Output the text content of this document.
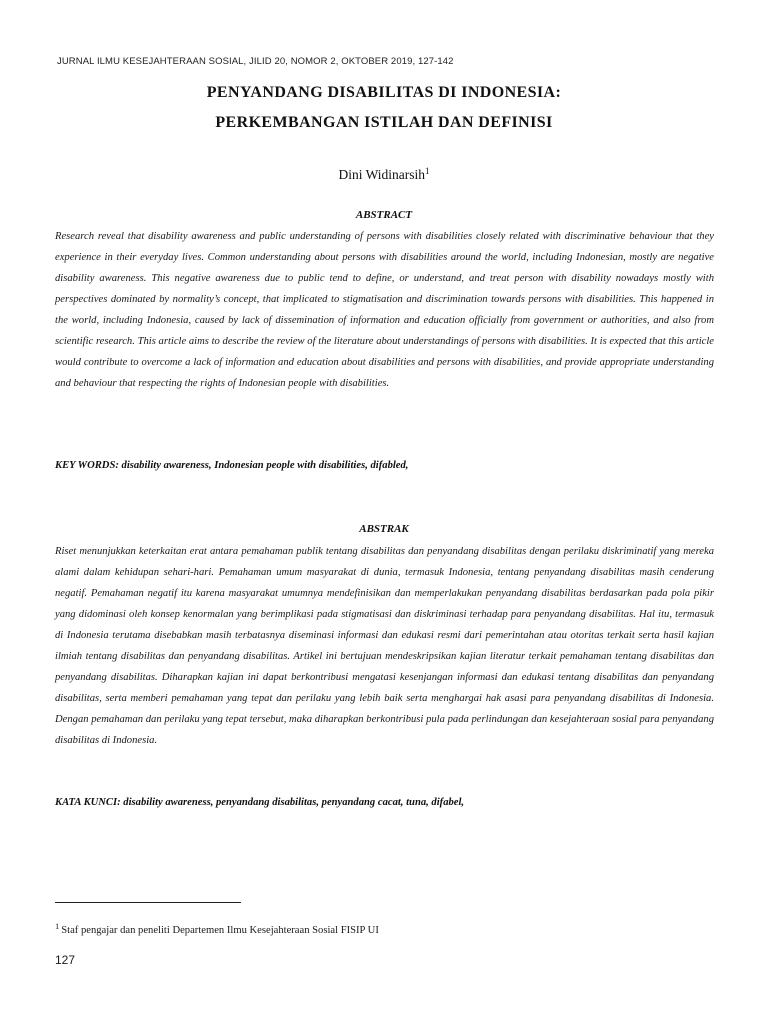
JURNAL ILMU KESEJAHTERAAN SOSIAL, JILID 20, NOMOR 2, OKTOBER 2019, 127-142
PENYANDANG DISABILITAS DI INDONESIA:
PERKEMBANGAN ISTILAH DAN DEFINISI
Dini Widinarsih$^1$
ABSTRACT

Research reveal that disability awareness and public understanding of persons with disabilities closely related with discriminative behaviour that they experience in their everyday lives. Common understanding about persons with disabilities around the world, including Indonesian, mostly are negative disability awareness. This negative awareness due to public tend to define, or understand, and treat person with disability nowadays mostly with perspectives dominated by normality’s concept, that implicated to stigmatisation and discrimination towards persons with disabilities. This happened in the world, including Indonesia, caused by lack of dissemination of information and education officially from government or authorities, and also from scientific research. This article aims to describe the review of the literature about understandings of persons with disabilities. It is expected that this article would contribute to overcome a lack of information and education about disabilities and persons with disabilities, and provide appropriate understanding and behaviour that respecting the rights of Indonesian people with disabilities.

KEY WORDS: disability awareness, Indonesian people with disabilities, difabled,
ABSTRAK

Riset menunjukkan keterkaitan erat antara pemahaman publik tentang disabilitas dan penyandang disabilitas dengan perilaku diskriminatif yang mereka alami dalam kehidupan sehari-hari. Pemahaman umum masyarakat di dunia, termasuk Indonesia, tentang penyandang disabilitas masih cenderung negatif. Pemahaman negatif itu karena masyarakat umumnya mendefinisikan dan memperlakukan penyandang disabilitas berdasarkan pada pola pikir yang didominasi oleh konsep kenormalan yang berimplikasi pada stigmatisasi dan diskriminasi terhadap para penyandang disabilitas. Hal itu, termasuk di Indonesia terutama disebabkan masih terbatasnya diseminasi informasi dan edukasi resmi dari pemerintahan atau otoritas terkait serta hasil kajian ilmiah tentang disabilitas dan penyandang disabilitas. Artikel ini bertujuan mendeskripsikan kajian literatur terkait pemahaman tentang disabilitas dan penyandang disabilitas. Diharapkan kajian ini dapat berkontribusi mengatasi kesenjangan informasi dan edukasi tentang disabilitas dan penyandang disabilitas, serta memberi pemahaman yang tepat dan perilaku yang lebih baik serta menghargai hak asasi para penyandang disabilitas di Indonesia. Dengan pemahaman dan perilaku yang tepat tersebut, maka diharapkan berkontribusi pula pada perlindungan dan kesejahteraan sosial para penyandang disabilitas di Indonesia.

KATA KUNCI: disability awareness, penyandang disabilitas, penyandang cacat, tuna, difabel,
$^1$ Staf pengajar dan peneliti Departemen Ilmu Kesejahteraan Sosial FISIP UI
127
